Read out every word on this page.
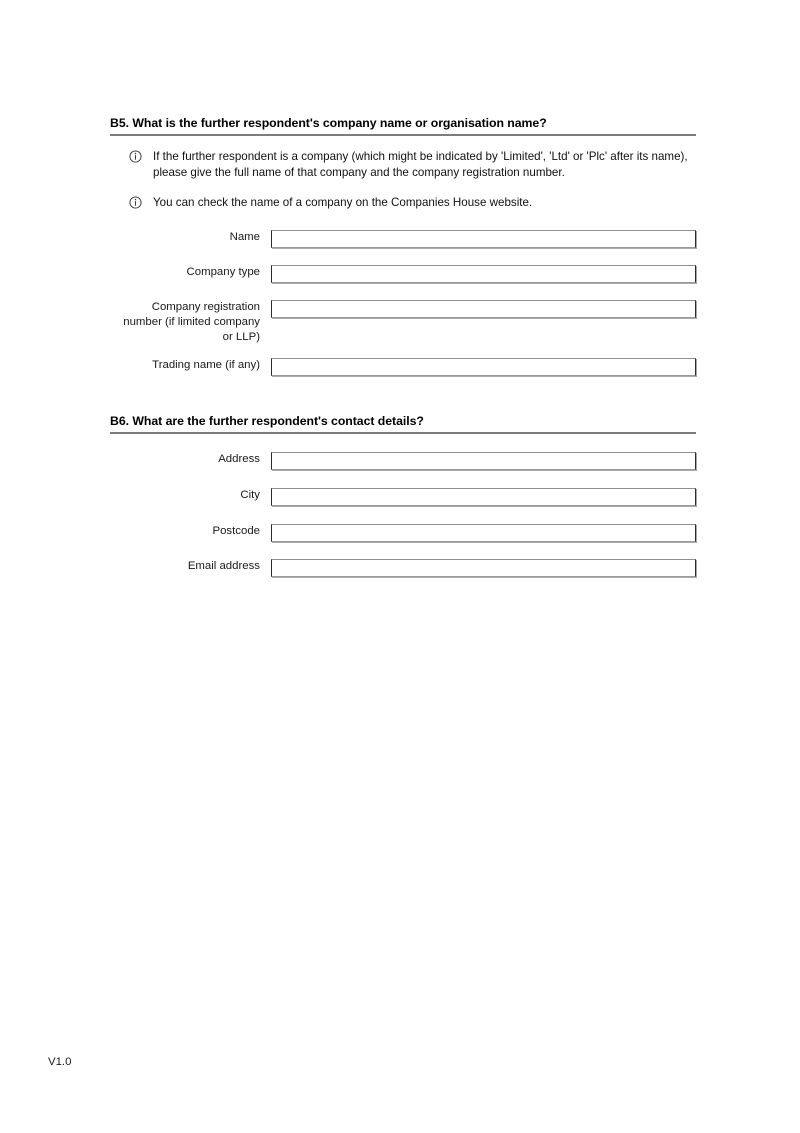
B5. What is the further respondent's company name or organisation name?
If the further respondent is a company (which might be indicated by 'Limited', 'Ltd' or 'Plc' after its name), please give the full name of that company and the company registration number.
You can check the name of a company on the Companies House website.
Name
Company type
Company registration number (if limited company or LLP)
Trading name (if any)
B6. What are the further respondent's contact details?
Address
City
Postcode
Email address
V1.0
